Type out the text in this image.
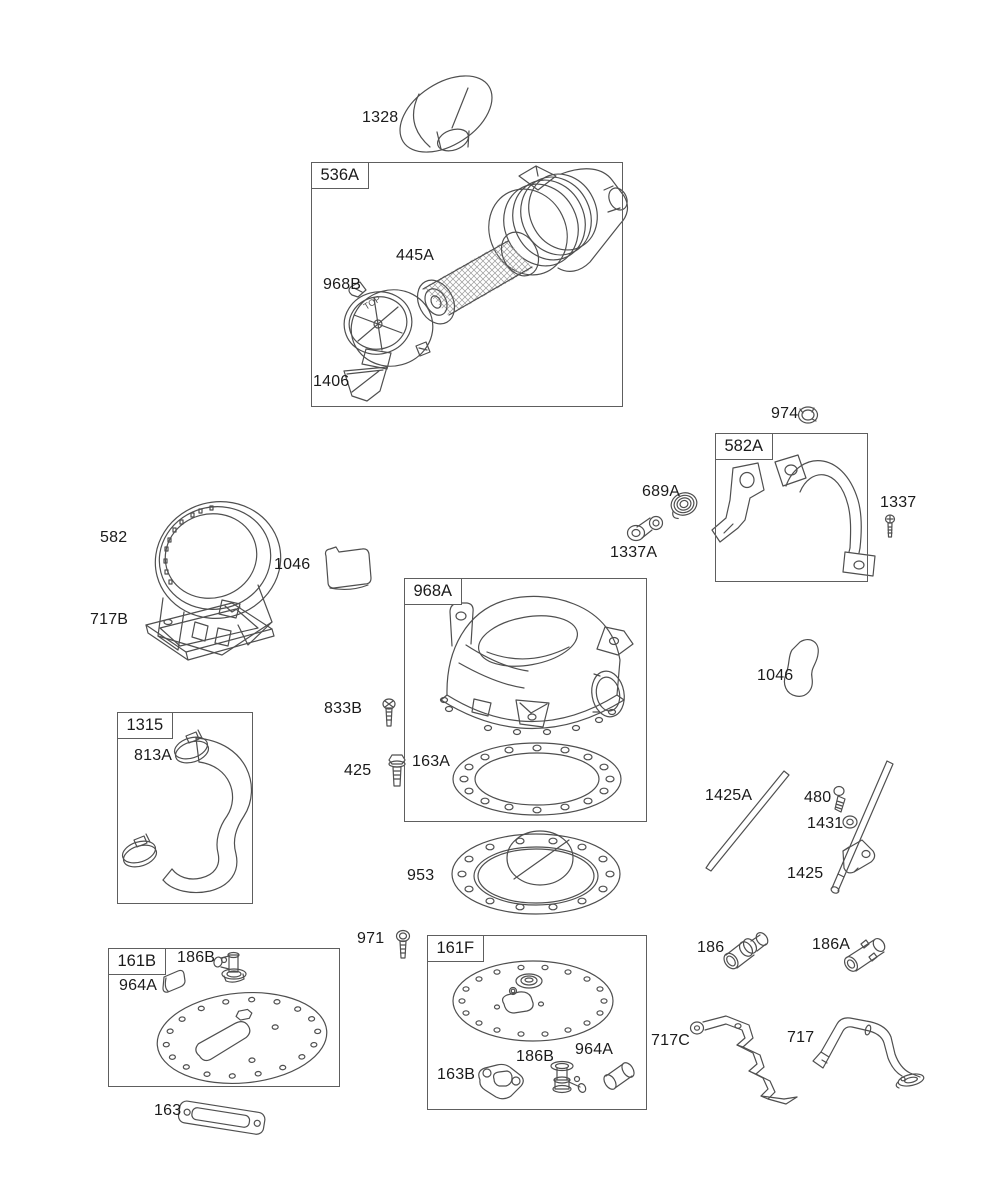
TOP
536A
582A
968A
1315
161B
161F
1328
445A
968B
1406
974
1337
689A
1337A
582
1046
717B
833B
425
163A
1046
813A
1425A	480
1431
1425
953
971
186B
964A
964A
186B
163B
186	186A
717C	717
163
